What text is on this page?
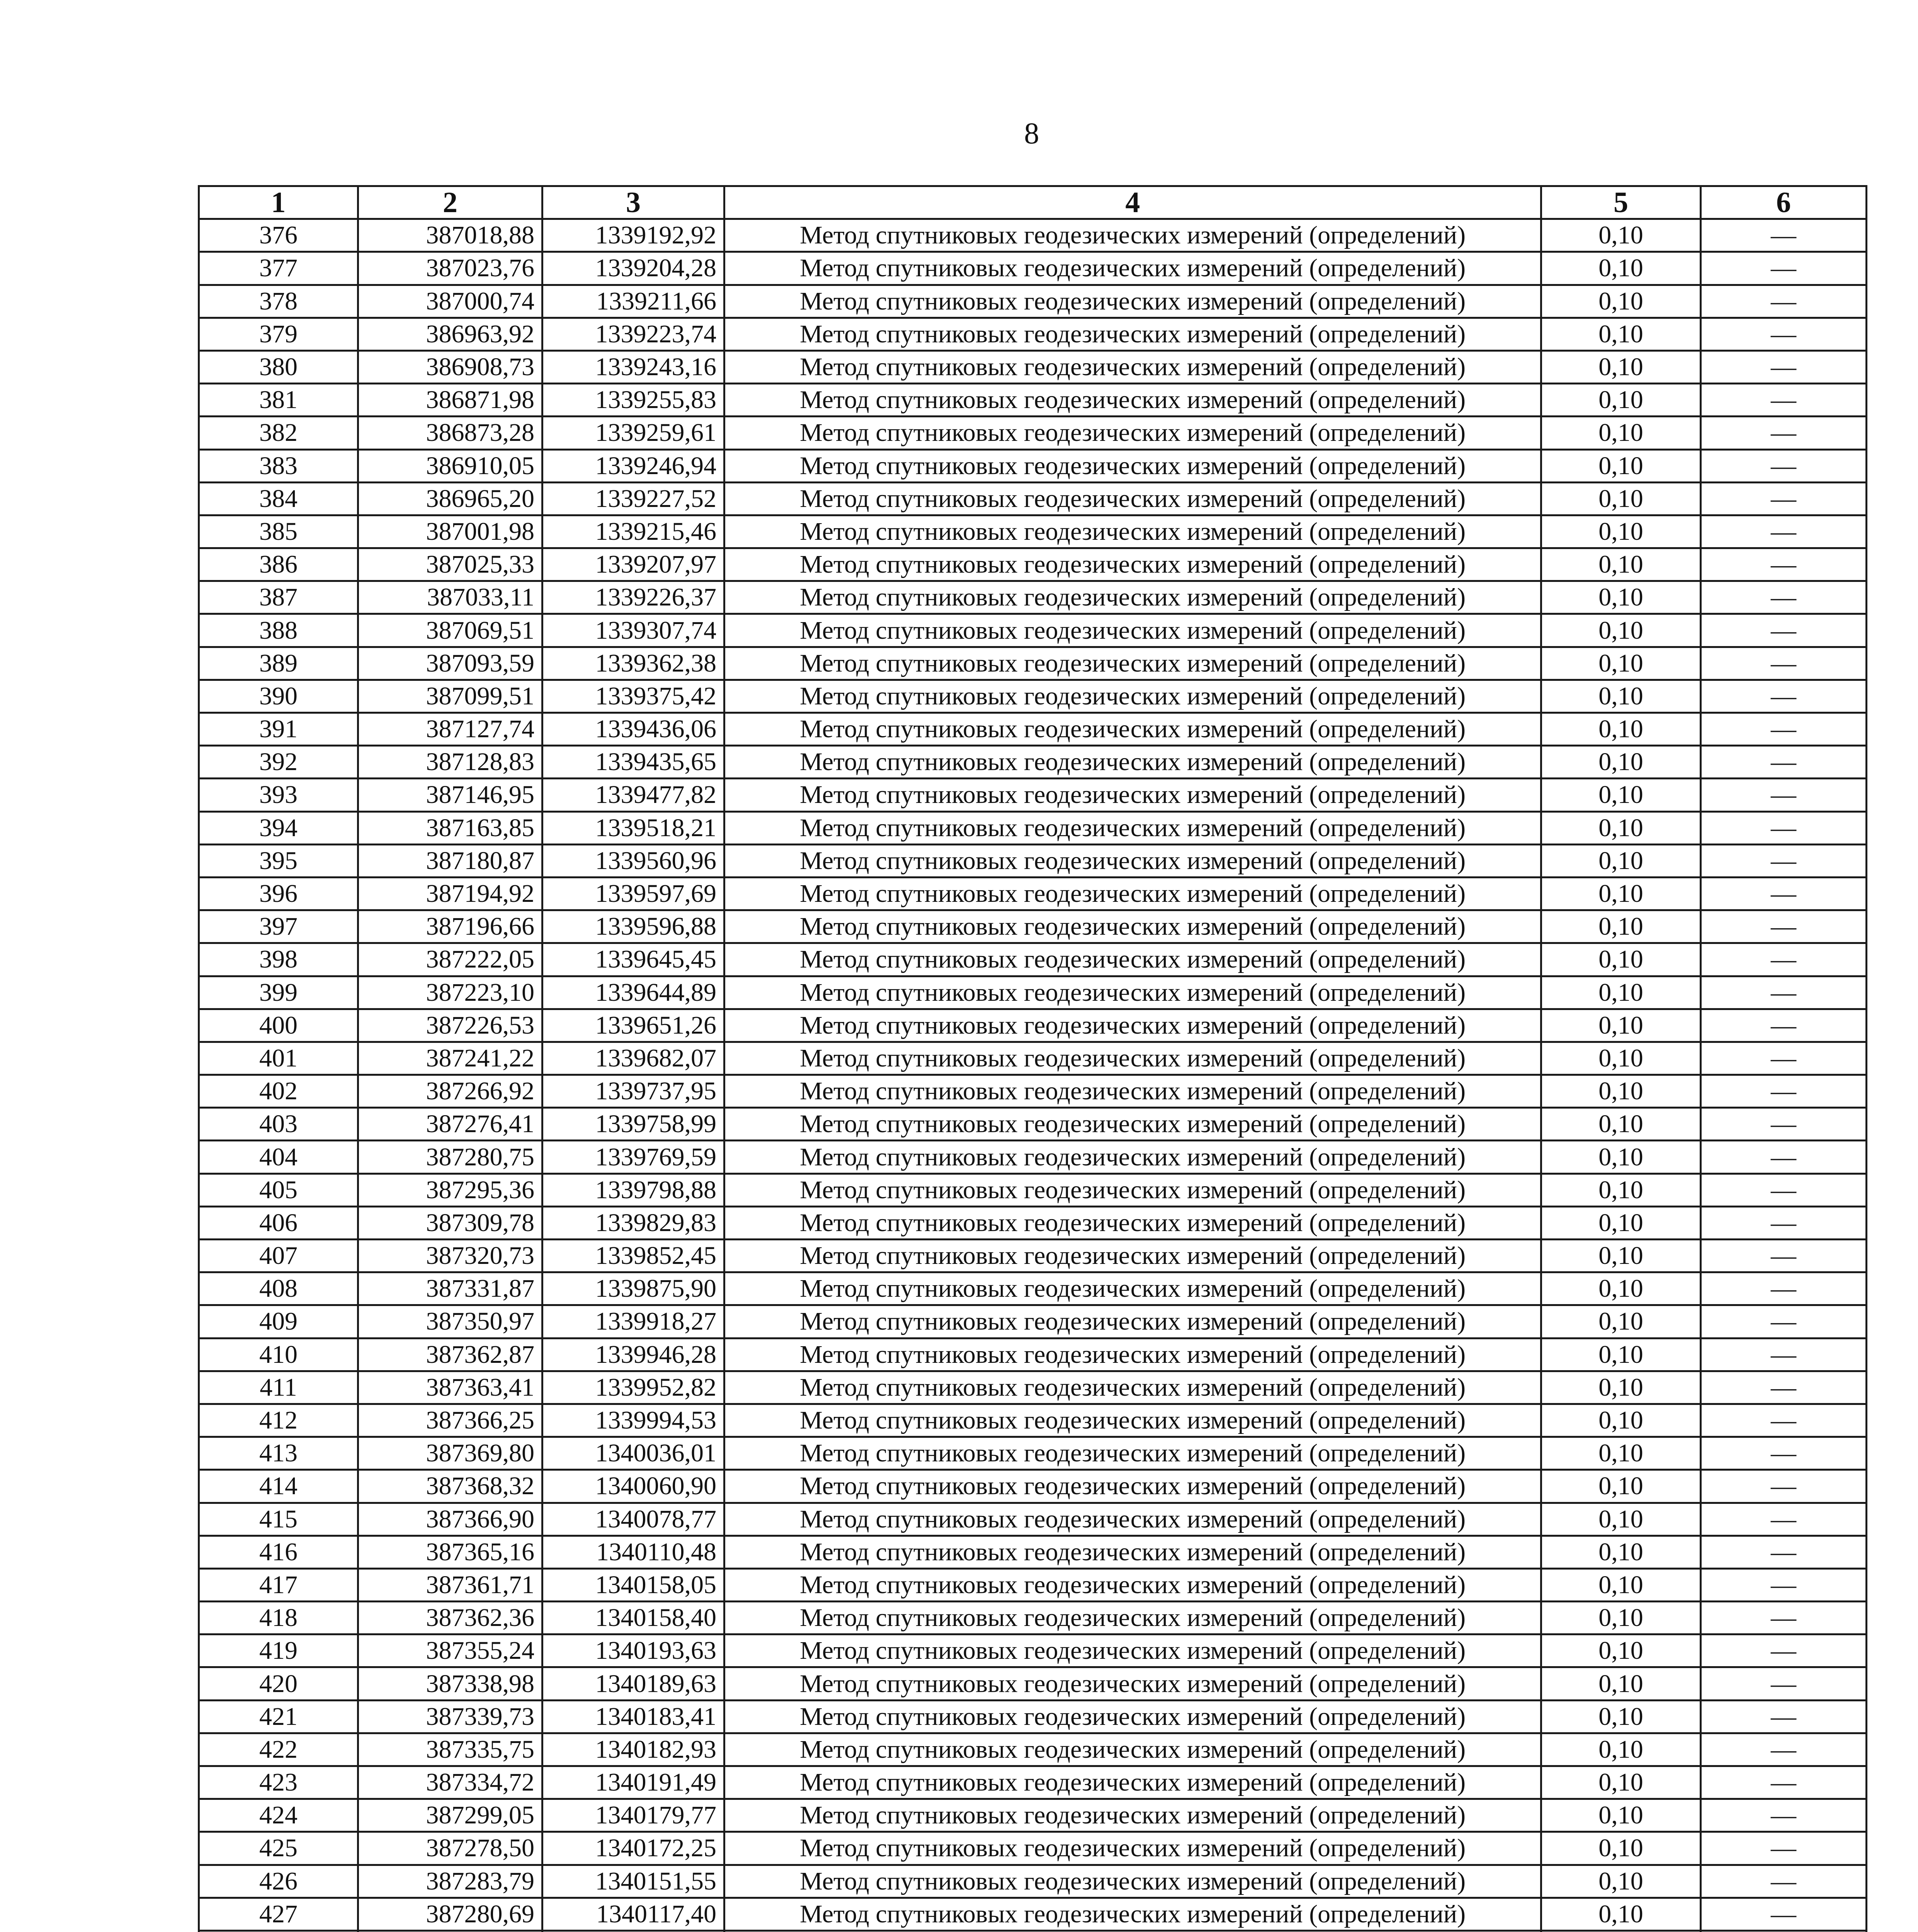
8
1	2	3	4	5	6
376	387018,88	1339192,92	Метод спутниковых геодезических измерений (определений)	0,10	—
377	387023,76	1339204,28	Метод спутниковых геодезических измерений (определений)	0,10	—
378	387000,74	1339211,66	Метод спутниковых геодезических измерений (определений)	0,10	—
379	386963,92	1339223,74	Метод спутниковых геодезических измерений (определений)	0,10	—
380	386908,73	1339243,16	Метод спутниковых геодезических измерений (определений)	0,10	—
381	386871,98	1339255,83	Метод спутниковых геодезических измерений (определений)	0,10	—
382	386873,28	1339259,61	Метод спутниковых геодезических измерений (определений)	0,10	—
383	386910,05	1339246,94	Метод спутниковых геодезических измерений (определений)	0,10	—
384	386965,20	1339227,52	Метод спутниковых геодезических измерений (определений)	0,10	—
385	387001,98	1339215,46	Метод спутниковых геодезических измерений (определений)	0,10	—
386	387025,33	1339207,97	Метод спутниковых геодезических измерений (определений)	0,10	—
387	387033,11	1339226,37	Метод спутниковых геодезических измерений (определений)	0,10	—
388	387069,51	1339307,74	Метод спутниковых геодезических измерений (определений)	0,10	—
389	387093,59	1339362,38	Метод спутниковых геодезических измерений (определений)	0,10	—
390	387099,51	1339375,42	Метод спутниковых геодезических измерений (определений)	0,10	—
391	387127,74	1339436,06	Метод спутниковых геодезических измерений (определений)	0,10	—
392	387128,83	1339435,65	Метод спутниковых геодезических измерений (определений)	0,10	—
393	387146,95	1339477,82	Метод спутниковых геодезических измерений (определений)	0,10	—
394	387163,85	1339518,21	Метод спутниковых геодезических измерений (определений)	0,10	—
395	387180,87	1339560,96	Метод спутниковых геодезических измерений (определений)	0,10	—
396	387194,92	1339597,69	Метод спутниковых геодезических измерений (определений)	0,10	—
397	387196,66	1339596,88	Метод спутниковых геодезических измерений (определений)	0,10	—
398	387222,05	1339645,45	Метод спутниковых геодезических измерений (определений)	0,10	—
399	387223,10	1339644,89	Метод спутниковых геодезических измерений (определений)	0,10	—
400	387226,53	1339651,26	Метод спутниковых геодезических измерений (определений)	0,10	—
401	387241,22	1339682,07	Метод спутниковых геодезических измерений (определений)	0,10	—
402	387266,92	1339737,95	Метод спутниковых геодезических измерений (определений)	0,10	—
403	387276,41	1339758,99	Метод спутниковых геодезических измерений (определений)	0,10	—
404	387280,75	1339769,59	Метод спутниковых геодезических измерений (определений)	0,10	—
405	387295,36	1339798,88	Метод спутниковых геодезических измерений (определений)	0,10	—
406	387309,78	1339829,83	Метод спутниковых геодезических измерений (определений)	0,10	—
407	387320,73	1339852,45	Метод спутниковых геодезических измерений (определений)	0,10	—
408	387331,87	1339875,90	Метод спутниковых геодезических измерений (определений)	0,10	—
409	387350,97	1339918,27	Метод спутниковых геодезических измерений (определений)	0,10	—
410	387362,87	1339946,28	Метод спутниковых геодезических измерений (определений)	0,10	—
411	387363,41	1339952,82	Метод спутниковых геодезических измерений (определений)	0,10	—
412	387366,25	1339994,53	Метод спутниковых геодезических измерений (определений)	0,10	—
413	387369,80	1340036,01	Метод спутниковых геодезических измерений (определений)	0,10	—
414	387368,32	1340060,90	Метод спутниковых геодезических измерений (определений)	0,10	—
415	387366,90	1340078,77	Метод спутниковых геодезических измерений (определений)	0,10	—
416	387365,16	1340110,48	Метод спутниковых геодезических измерений (определений)	0,10	—
417	387361,71	1340158,05	Метод спутниковых геодезических измерений (определений)	0,10	—
418	387362,36	1340158,40	Метод спутниковых геодезических измерений (определений)	0,10	—
419	387355,24	1340193,63	Метод спутниковых геодезических измерений (определений)	0,10	—
420	387338,98	1340189,63	Метод спутниковых геодезических измерений (определений)	0,10	—
421	387339,73	1340183,41	Метод спутниковых геодезических измерений (определений)	0,10	—
422	387335,75	1340182,93	Метод спутниковых геодезических измерений (определений)	0,10	—
423	387334,72	1340191,49	Метод спутниковых геодезических измерений (определений)	0,10	—
424	387299,05	1340179,77	Метод спутниковых геодезических измерений (определений)	0,10	—
425	387278,50	1340172,25	Метод спутниковых геодезических измерений (определений)	0,10	—
426	387283,79	1340151,55	Метод спутниковых геодезических измерений (определений)	0,10	—
427	387280,69	1340117,40	Метод спутниковых геодезических измерений (определений)	0,10	—
